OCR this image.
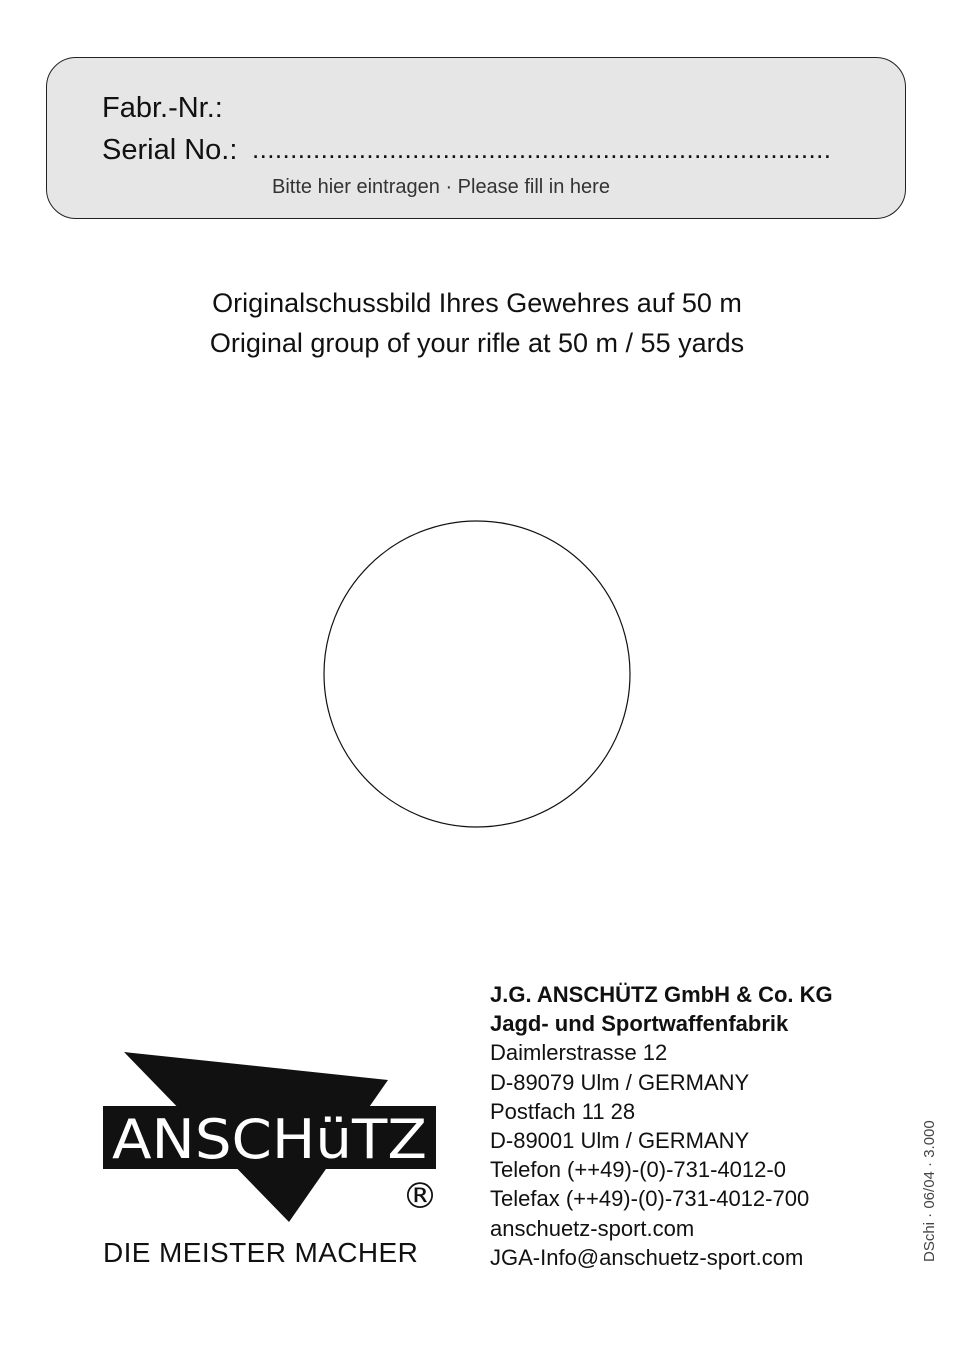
Fabr.-Nr.:
Serial No.: ............................................................................
Bitte hier eintragen · Please fill in here
Originalschussbild Ihres Gewehres auf 50 m
Original group of your rifle at 50 m / 55 yards
J.G. ANSCHÜTZ GmbH & Co. KG
Jagd- und Sportwaffenfabrik
Daimlerstrasse 12
D-89079 Ulm / GERMANY
Postfach 11 28
D-89001 Ulm / GERMANY
Telefon (++49)-(0)-731-4012-0
Telefax (++49)-(0)-731-4012-700
anschuetz-sport.com
JGA-Info@anschuetz-sport.com
ANSCHüTZ
®
DIE MEISTER MACHER	DSchi · 06/04 · 3.000
